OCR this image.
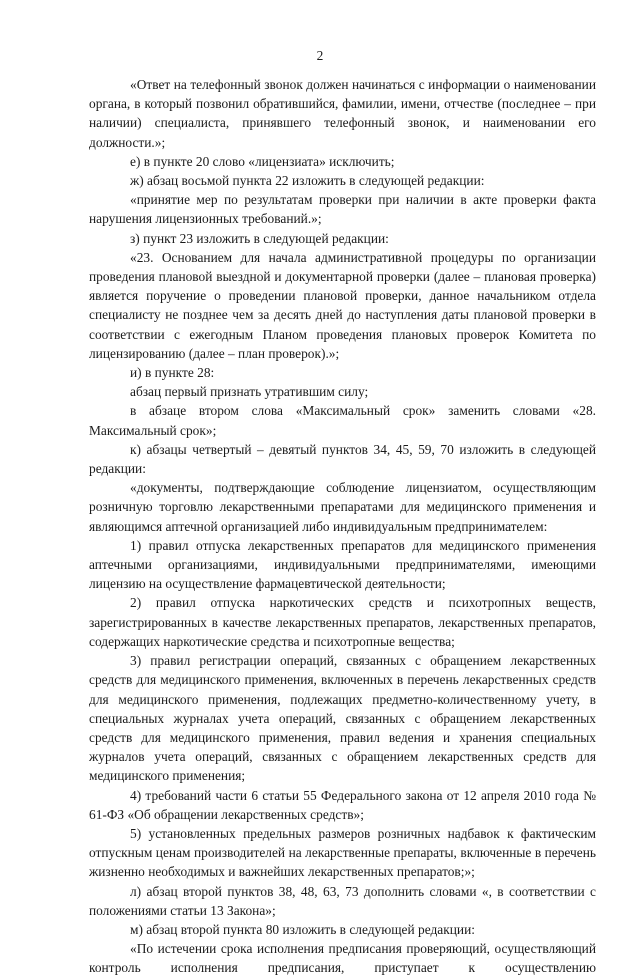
2

«Ответ на телефонный звонок должен начинаться с информации о наименовании органа, в который позвонил обратившийся, фамилии, имени, отчестве (последнее – при наличии) специалиста, принявшего телефонный звонок, и наименовании его должности.»;

е) в пункте 20 слово «лицензиата» исключить;

ж) абзац восьмой пункта 22 изложить в следующей редакции:

«принятие мер по результатам проверки при наличии в акте проверки факта нарушения лицензионных требований.»;

з) пункт 23 изложить в следующей редакции:

«23. Основанием для начала административной процедуры по организации проведения плановой выездной и документарной проверки (далее – плановая проверка) является поручение о проведении плановой проверки, данное начальником отдела специалисту не позднее чем за десять дней до наступления даты плановой проверки в соответствии с ежегодным Планом проведения плановых проверок Комитета по лицензированию (далее – план проверок).»;

и) в пункте 28:

абзац первый признать утратившим силу;

в абзаце втором слова «Максимальный срок» заменить словами «28. Максимальный срок»;

к) абзацы четвертый – девятый пунктов 34, 45, 59, 70 изложить в следующей редакции:

«документы, подтверждающие соблюдение лицензиатом, осуществляющим розничную торговлю лекарственными препаратами для медицинского применения и являющимся аптечной организацией либо индивидуальным предпринимателем:

1) правил отпуска лекарственных препаратов для медицинского применения аптечными организациями, индивидуальными предпринимателями, имеющими лицензию на осуществление фармацевтической деятельности;

2) правил отпуска наркотических средств и психотропных веществ, зарегистрированных в качестве лекарственных препаратов, лекарственных препаратов, содержащих наркотические средства и психотропные вещества;

3) правил регистрации операций, связанных с обращением лекарственных средств для медицинского применения, включенных в перечень лекарственных средств для медицинского применения, подлежащих предметно-количественному учету, в специальных журналах учета операций, связанных с обращением лекарственных средств для медицинского применения, правил ведения и хранения специальных журналов учета операций, связанных с обращением лекарственных средств для медицинского применения;

4) требований части 6 статьи 55 Федерального закона от 12 апреля 2010 года № 61-ФЗ «Об обращении лекарственных средств»;

5) установленных предельных размеров розничных надбавок к фактическим отпускным ценам производителей на лекарственные препараты, включенные в перечень жизненно необходимых и важнейших лекарственных препаратов;»;

л) абзац второй пунктов 38, 48, 63, 73 дополнить словами «, в соответствии с положениями статьи 13 Закона»;

м) абзац второй пункта 80 изложить в следующей редакции:

«По истечении срока исполнения предписания проверяющий, осуществляющий контроль исполнения предписания, приступает к осуществлению
